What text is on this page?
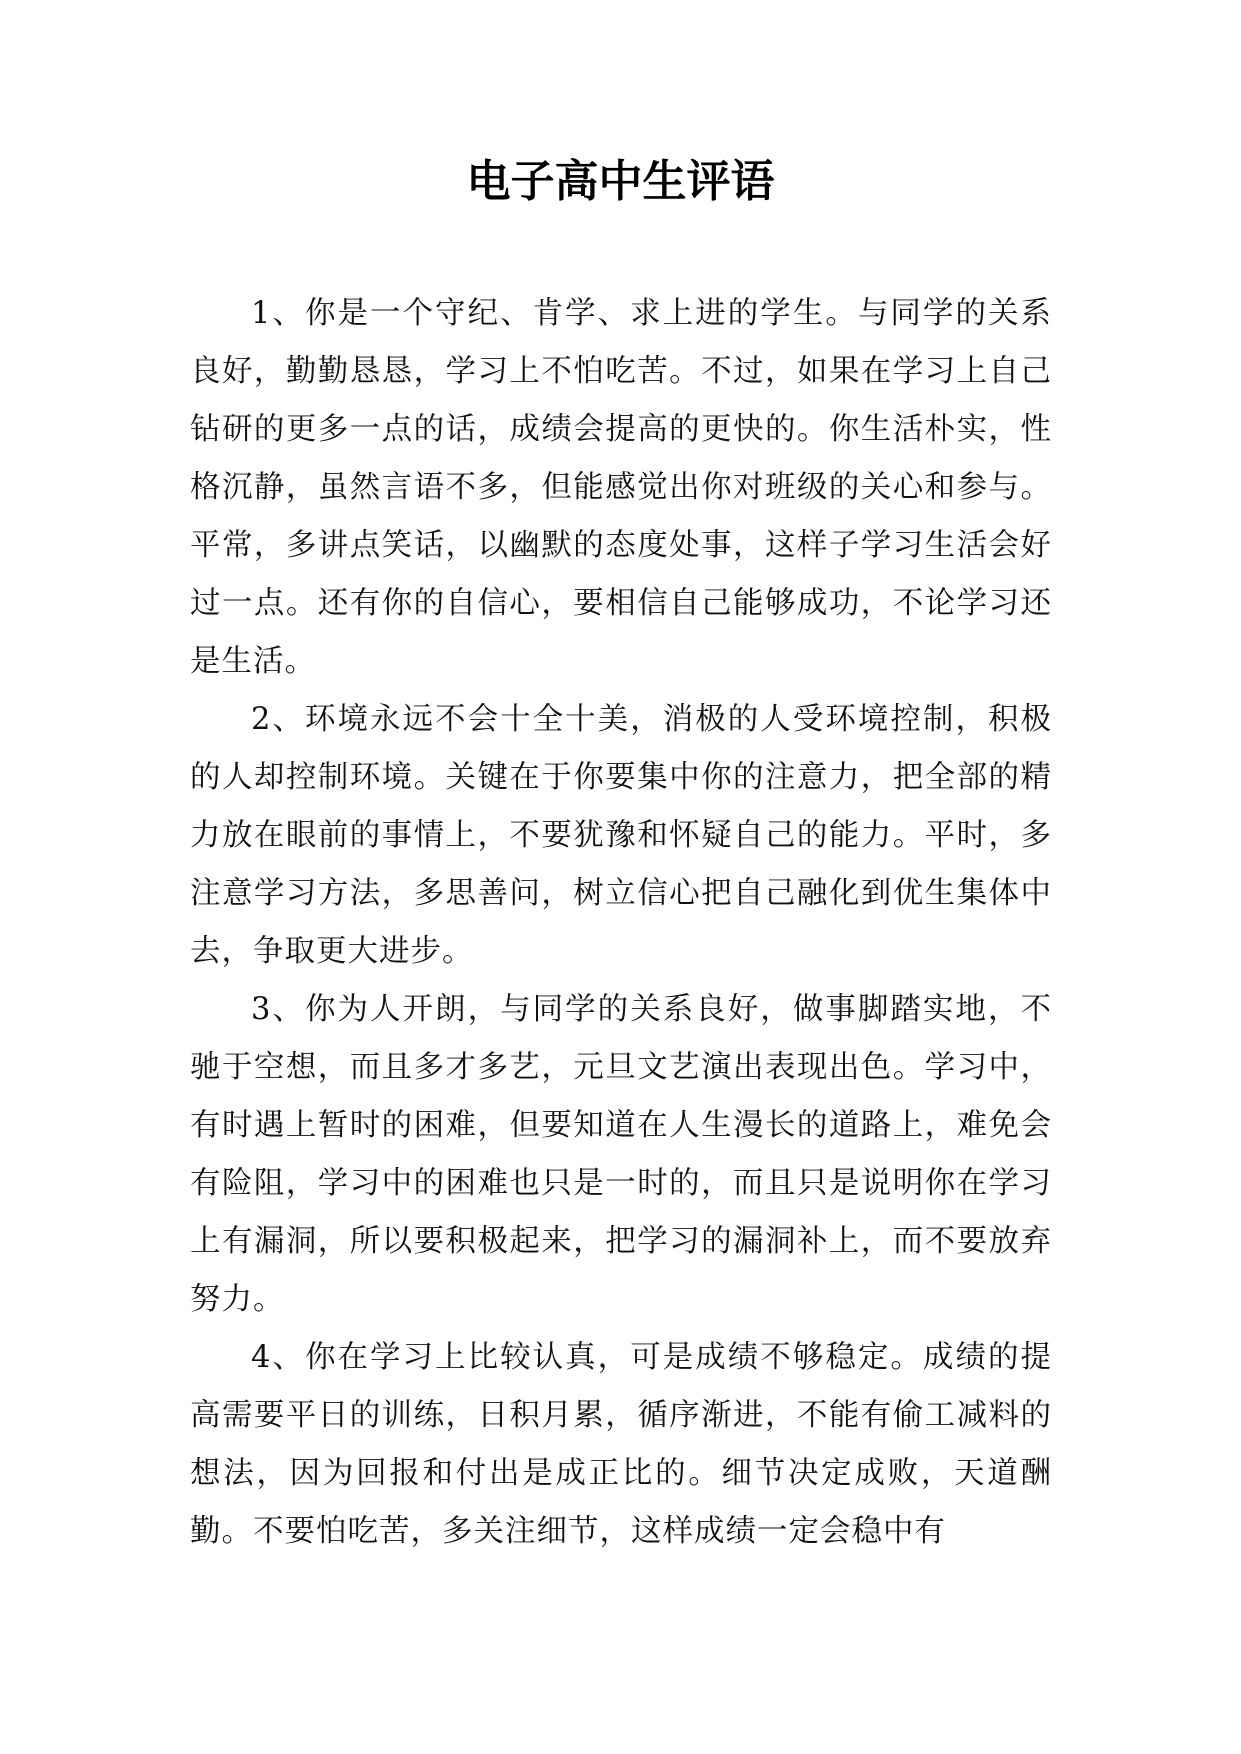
电子高中生评语

1、你是一个守纪、肯学、求上进的学生。与同学的关系良好，勤勤恳恳，学习上不怕吃苦。不过，如果在学习上自己钻研的更多一点的话，成绩会提高的更快的。你生活朴实，性格沉静，虽然言语不多，但能感觉出你对班级的关心和参与。平常，多讲点笑话，以幽默的态度处事，这样子学习生活会好过一点。还有你的自信心，要相信自己能够成功，不论学习还是生活。

2、环境永远不会十全十美，消极的人受环境控制，积极的人却控制环境。关键在于你要集中你的注意力，把全部的精力放在眼前的事情上，不要犹豫和怀疑自己的能力。平时，多注意学习方法，多思善问，树立信心把自己融化到优生集体中去，争取更大进步。

3、你为人开朗，与同学的关系良好，做事脚踏实地，不驰于空想，而且多才多艺，元旦文艺演出表现出色。学习中，有时遇上暂时的困难，但要知道在人生漫长的道路上，难免会有险阻，学习中的困难也只是一时的，而且只是说明你在学习上有漏洞，所以要积极起来，把学习的漏洞补上，而不要放弃努力。

4、你在学习上比较认真，可是成绩不够稳定。成绩的提高需要平日的训练，日积月累，循序渐进，不能有偷工减料的想法，因为回报和付出是成正比的。细节决定成败，天道酬勤。不要怕吃苦，多关注细节，这样成绩一定会稳中有
